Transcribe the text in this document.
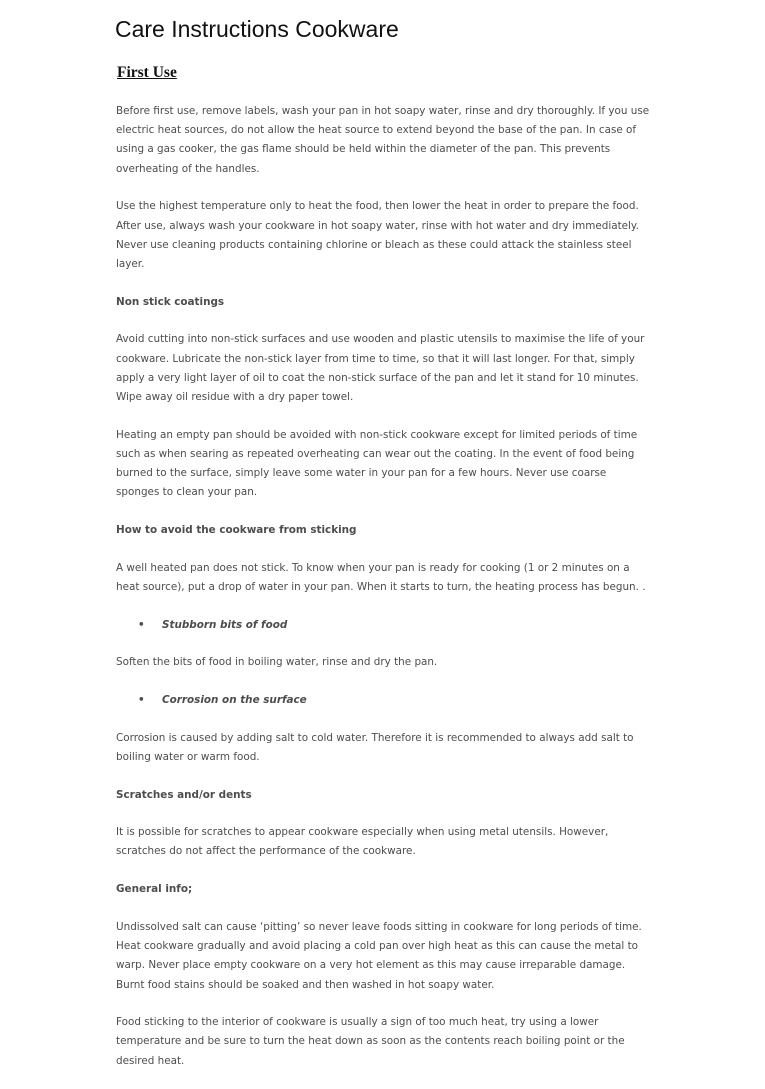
Care Instructions Cookware
First Use

Before first use, remove labels, wash your pan in hot soapy water, rinse and dry thoroughly. If you use electric heat sources, do not allow the heat source to extend beyond the base of the pan. In case of using a gas cooker, the gas flame should be held within the diameter of the pan. This prevents overheating of the handles.

Use the highest temperature only to heat the food, then lower the heat in order to prepare the food. After use, always wash your cookware in hot soapy water, rinse with hot water and dry immediately. Never use cleaning products containing chlorine or bleach as these could attack the stainless steel layer.

Non stick coatings

Avoid cutting into non-stick surfaces and use wooden and plastic utensils to maximise the life of your cookware. Lubricate the non-stick layer from time to time, so that it will last longer. For that, simply apply a very light layer of oil to coat the non-stick surface of the pan and let it stand for 10 minutes. Wipe away oil residue with a dry paper towel.

Heating an empty pan should be avoided with non-stick cookware except for limited periods of time such as when searing as repeated overheating can wear out the coating. In the event of food being burned to the surface, simply leave some water in your pan for a few hours. Never use coarse sponges to clean your pan.

How to avoid the cookware from sticking

A well heated pan does not stick. To know when your pan is ready for cooking (1 or 2 minutes on a heat source), put a drop of water in your pan. When it starts to turn, the heating process has begun. .

• Stubborn bits of food

Soften the bits of food in boiling water, rinse and dry the pan.

• Corrosion on the surface

Corrosion is caused by adding salt to cold water. Therefore it is recommended to always add salt to boiling water or warm food.

Scratches and/or dents

It is possible for scratches to appear cookware especially when using metal utensils. However, scratches do not affect the performance of the cookware.

General info;

Undissolved salt can cause ‘pitting’ so never leave foods sitting in cookware for long periods of time. Heat cookware gradually and avoid placing a cold pan over high heat as this can cause the metal to warp. Never place empty cookware on a very hot element as this may cause irreparable damage. Burnt food stains should be soaked and then washed in hot soapy water.

Food sticking to the interior of cookware is usually a sign of too much heat, try using a lower temperature and be sure to turn the heat down as soon as the contents reach boiling point or the desired heat.
